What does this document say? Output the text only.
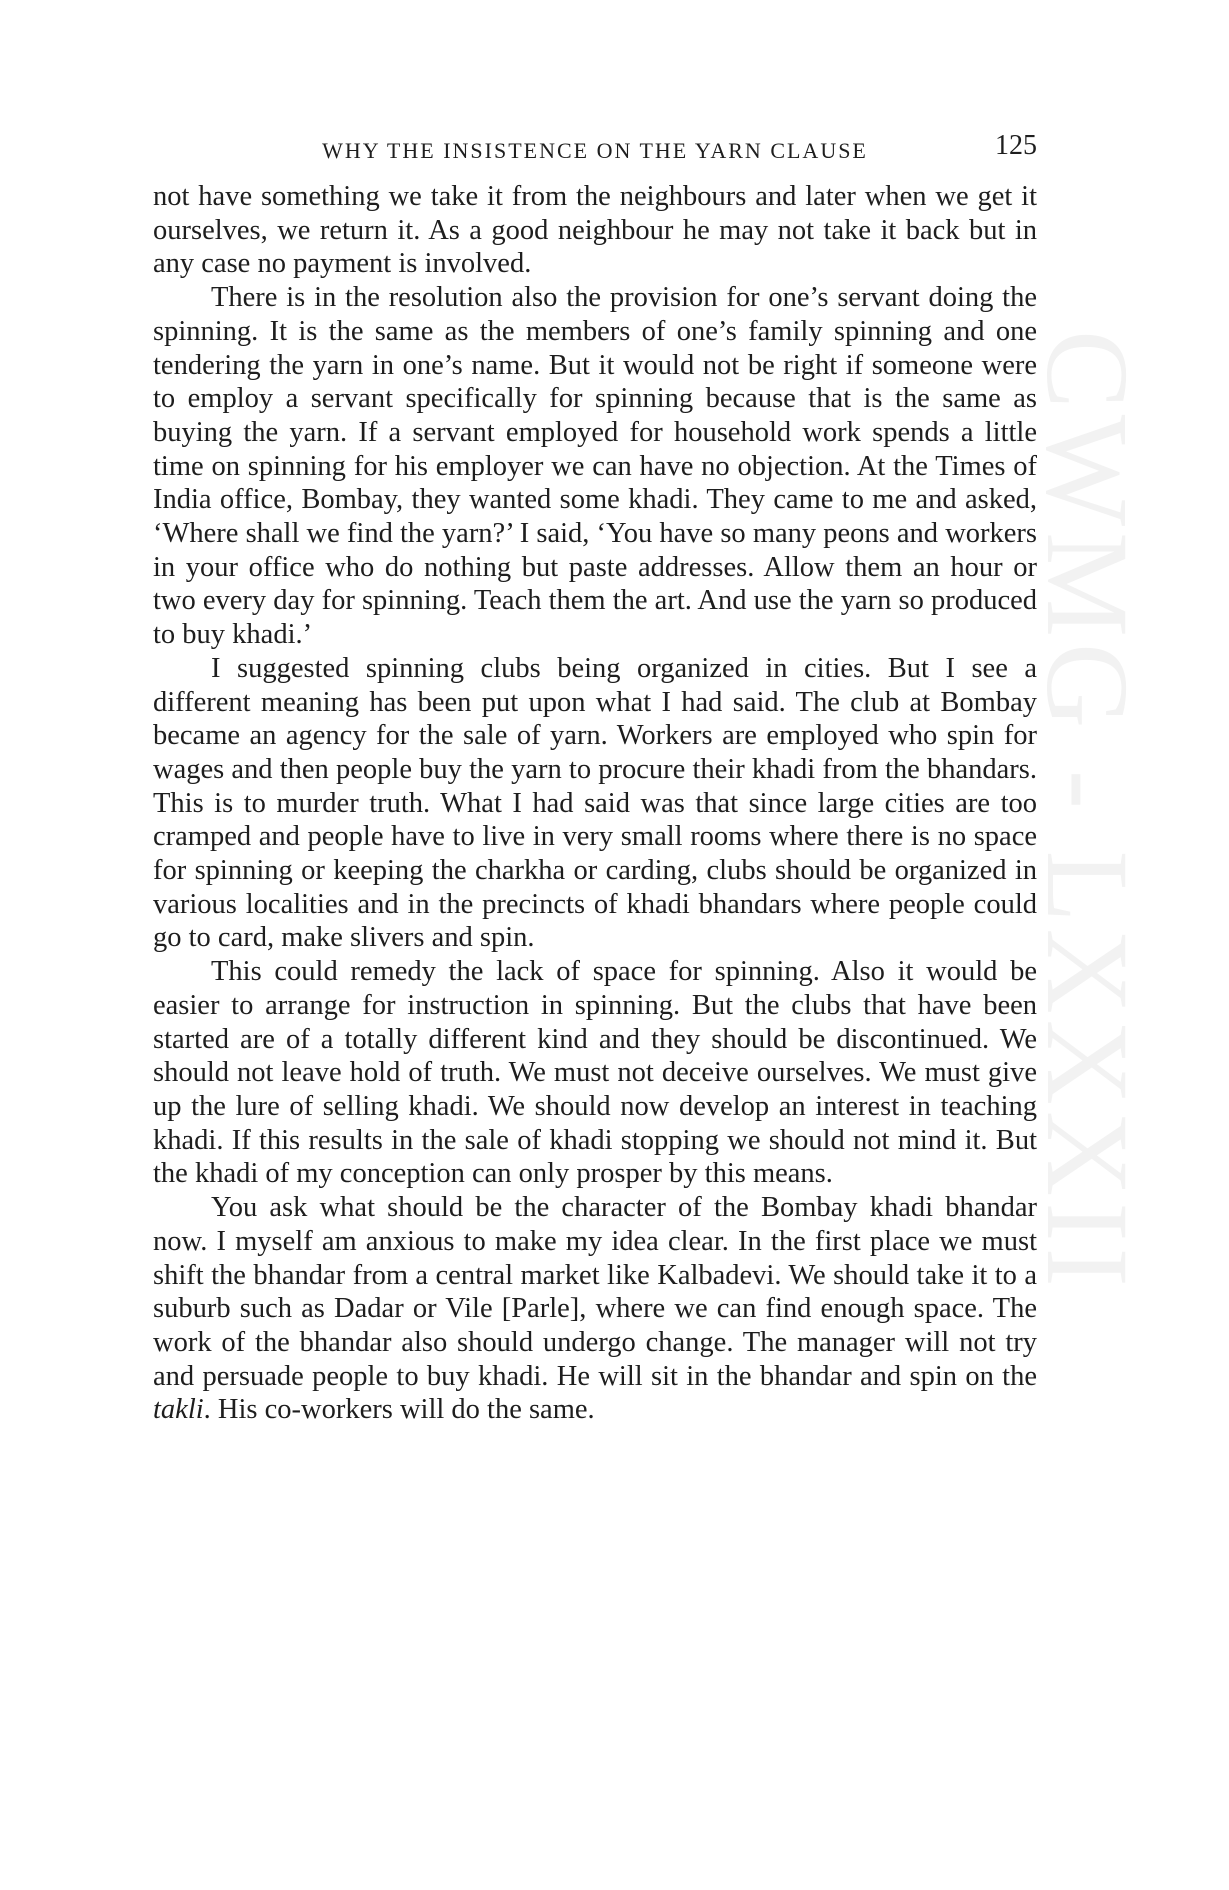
CWMG - LXXXII
WHY THE INSISTENCE ON THE YARN CLAUSE	125

not have something we take it from the neighbours and later when we get it ourselves, we return it. As a good neighbour he may not take it back but in any case no payment is involved.

There is in the resolution also the provision for one’s servant doing the spinning. It is the same as the members of one’s family spinning and one tendering the yarn in one’s name. But it would not be right if someone were to employ a servant specifically for spinning because that is the same as buying the yarn. If a servant employed for household work spends a little time on spinning for his employer we can have no objection. At the Times of India office, Bombay, they wanted some khadi. They came to me and asked, ‘Where shall we find the yarn?’ I said, ‘You have so many peons and workers in your office who do nothing but paste addresses. Allow them an hour or two every day for spinning. Teach them the art. And use the yarn so produced to buy khadi.’

I suggested spinning clubs being organized in cities. But I see a different meaning has been put upon what I had said. The club at Bombay became an agency for the sale of yarn. Workers are employed who spin for wages and then people buy the yarn to procure their khadi from the bhandars. This is to murder truth. What I had said was that since large cities are too cramped and people have to live in very small rooms where there is no space for spinning or keeping the charkha or carding, clubs should be organized in various localities and in the precincts of khadi bhandars where people could go to card, make slivers and spin.

This could remedy the lack of space for spinning. Also it would be easier to arrange for instruction in spinning. But the clubs that have been started are of a totally different kind and they should be discontinued. We should not leave hold of truth. We must not deceive ourselves. We must give up the lure of selling khadi. We should now develop an interest in teaching khadi. If this results in the sale of khadi stopping we should not mind it. But the khadi of my conception can only prosper by this means.

You ask what should be the character of the Bombay khadi bhandar now. I myself am anxious to make my idea clear. In the first place we must shift the bhandar from a central market like Kalbadevi. We should take it to a suburb such as Dadar or Vile [Parle], where we can find enough space. The work of the bhandar also should undergo change. The manager will not try and persuade people to buy khadi. He will sit in the bhandar and spin on the takli. His co-workers will do the same.
